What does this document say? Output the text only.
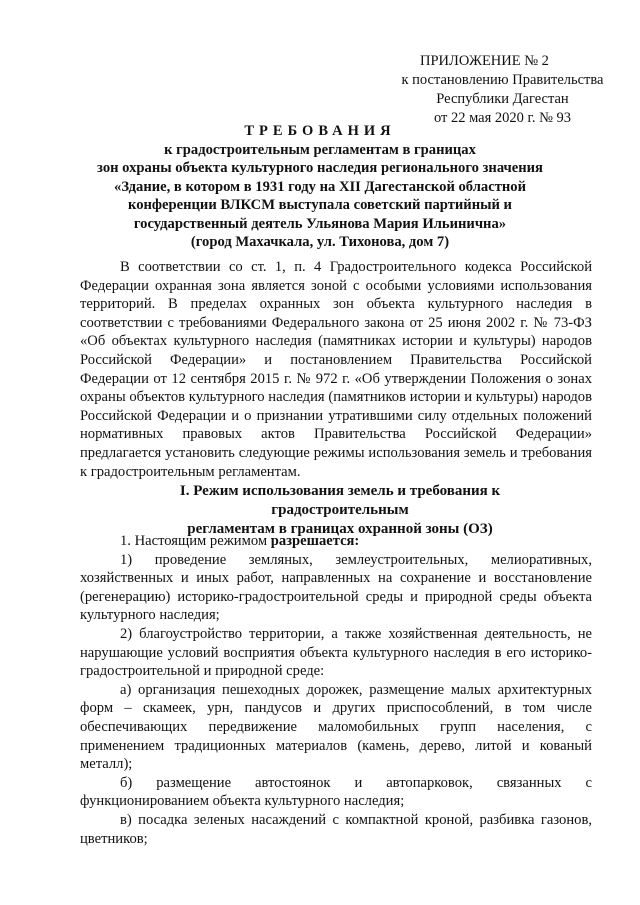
ПРИЛОЖЕНИЕ № 2
к постановлению Правительства
Республики Дагестан
от 22 мая 2020 г. № 93
ТРЕБОВАНИЯ
к градостроительным регламентам в границах
зон охраны объекта культурного наследия регионального значения
«Здание, в котором в 1931 году на XII Дагестанской областной
конференции ВЛКСМ выступала советский партийный и
государственный деятель Ульянова Мария Ильинична»
(город Махачкала, ул. Тихонова, дом 7)
В соответствии со ст. 1, п. 4 Градостроительного кодекса Российской Федерации охранная зона является зоной с особыми условиями использования территорий. В пределах охранных зон объекта культурного наследия в соответствии с требованиями Федерального закона от 25 июня 2002 г. № 73-ФЗ «Об объектах культурного наследия (памятниках истории и культуры) народов Российской Федерации» и постановлением Правительства Российской Федерации от 12 сентября 2015 г. № 972 г. «Об утверждении Положения о зонах охраны объектов культурного наследия (памятников истории и культуры) народов Российской Федерации и о признании утратившими силу отдельных положений нормативных правовых актов Правительства Российской Федерации» предлагается установить следующие режимы использования земель и требования к градостроительным регламентам.
I. Режим использования земель и требования к градостроительным
регламентам в границах охранной зоны (ОЗ)

1. Настоящим режимом разрешается:

1) проведение земляных, землеустроительных, мелиоративных, хозяйственных и иных работ, направленных на сохранение и восстановление (регенерацию) историко-градостроительной среды и природной среды объекта культурного наследия;

2) благоустройство территории, а также хозяйственная деятельность, не нарушающие условий восприятия объекта культурного наследия в его историко-градостроительной и природной среде:

а) организация пешеходных дорожек, размещение малых архитектурных форм – скамеек, урн, пандусов и других приспособлений, в том числе обеспечивающих передвижение маломобильных групп населения, с применением традиционных материалов (камень, дерево, литой и кованый металл);

б) размещение автостоянок и автопарковок, связанных с функционированием объекта культурного наследия;

в) посадка зеленых насаждений с компактной кроной, разбивка газонов, цветников;
